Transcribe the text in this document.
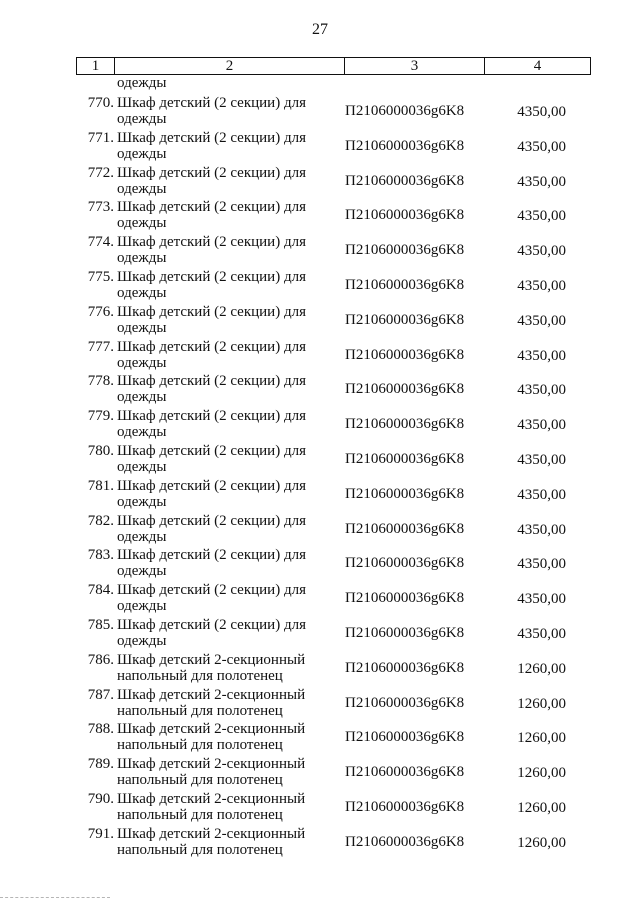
27
1	2	3	4
одежды
770. Шкаф детский (2 секции) для
одежды	П2106000036g6K8	4350,00
771. Шкаф детский (2 секции) для
одежды	П2106000036g6K8	4350,00
772. Шкаф детский (2 секции) для
одежды	П2106000036g6K8	4350,00
773. Шкаф детский (2 секции) для
одежды	П2106000036g6K8	4350,00
774. Шкаф детский (2 секции) для
одежды	П2106000036g6K8	4350,00
775. Шкаф детский (2 секции) для
одежды	П2106000036g6K8	4350,00
776. Шкаф детский (2 секции) для
одежды	П2106000036g6K8	4350,00
777. Шкаф детский (2 секции) для
одежды	П2106000036g6K8	4350,00
778. Шкаф детский (2 секции) для
одежды	П2106000036g6K8	4350,00
779. Шкаф детский (2 секции) для
одежды	П2106000036g6K8	4350,00
780. Шкаф детский (2 секции) для
одежды	П2106000036g6K8	4350,00
781. Шкаф детский (2 секции) для
одежды	П2106000036g6K8	4350,00
782. Шкаф детский (2 секции) для
одежды	П2106000036g6K8	4350,00
783. Шкаф детский (2 секции) для
одежды	П2106000036g6K8	4350,00
784. Шкаф детский (2 секции) для
одежды	П2106000036g6K8	4350,00
785. Шкаф детский (2 секции) для
одежды	П2106000036g6K8	4350,00
786. Шкаф детский 2-секционный
напольный для полотенец	П2106000036g6K8	1260,00
787. Шкаф детский 2-секционный
напольный для полотенец	П2106000036g6K8	1260,00
788. Шкаф детский 2-секционный
напольный для полотенец	П2106000036g6K8	1260,00
789. Шкаф детский 2-секционный
напольный для полотенец	П2106000036g6K8	1260,00
790. Шкаф детский 2-секционный
напольный для полотенец	П2106000036g6K8	1260,00
791. Шкаф детский 2-секционный
напольный для полотенец	П2106000036g6K8	1260,00
